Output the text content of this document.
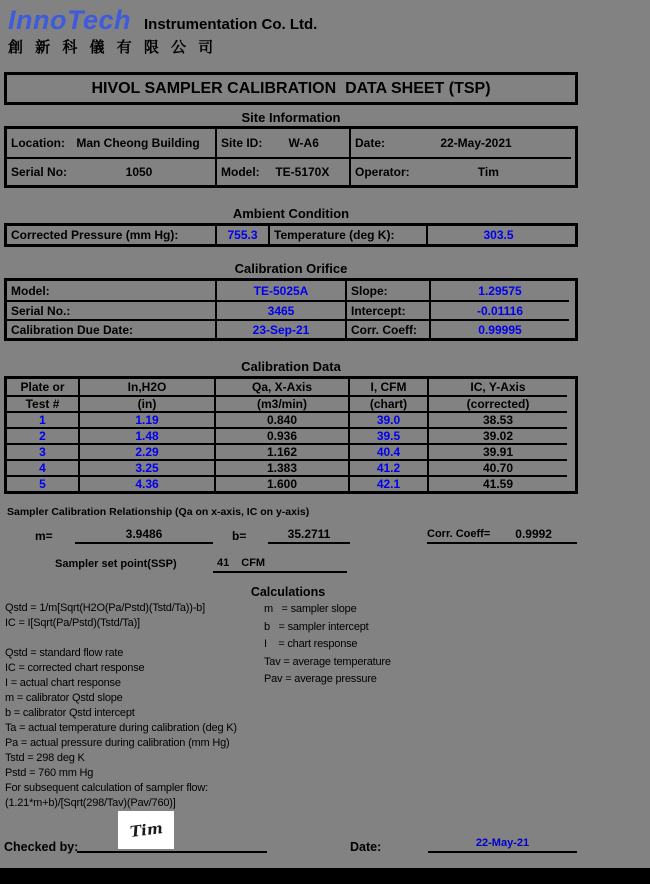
InnoTech Instrumentation Co. Ltd.
創 新 科 儀 有 限 公 司
HIVOL SAMPLER CALIBRATION  DATA SHEET (TSP)
Site Information
Location: Man Cheong Building	Site ID:	W-A6	Date:	22-May-2021
Serial No:	1050	Model:	TE-5170X	Operator:	Tim
Ambient Condition
Corrected Pressure (mm Hg):	755.3	Temperature (deg K):	303.5
Calibration Orifice
Model:	TE-5025A	Slope:	1.29575
Serial No.:	3465	Intercept:	-0.01116
Calibration Due Date:	23-Sep-21	Corr. Coeff:	0.99995
Calibration Data
Plate or	In,H2O	Qa, X-Axis	I, CFM	IC, Y-Axis
Test #	(in)	(m3/min)	(chart)	(corrected)
1	1.19	0.840	39.0	38.53
2	1.48	0.936	39.5	39.02
3	2.29	1.162	40.4	39.91
4	3.25	1.383	41.2	40.70
5	4.36	1.600	42.1	41.59
Sampler Calibration Relationship (Qa on x-axis, IC on y-axis)
m=	3.9486	b=	35.2711	Corr. Coeff=	0.9992
Sampler set point(SSP)	41 CFM
Calculations
Qstd = 1/m[Sqrt(H2O(Pa/Pstd)(Tstd/Ta))-b]
IC = I[Sqrt(Pa/Pstd)(Tstd/Ta)]
Qstd = standard flow rate
IC = corrected chart response
I = actual chart response
m = calibrator Qstd slope
b = calibrator Qstd intercept
Ta = actual temperature during calibration (deg K)
Pa = actual pressure during calibration (mm Hg)
Tstd = 298 deg K
Pstd = 760 mm Hg
For subsequent calculation of sampler flow:
(1.21*m+b)/[Sqrt(298/Tav)(Pav/760)]
m   = sampler slope
b   = sampler intercept
I    = chart response
Tav = average temperature
Pav = average pressure
Tim
Checked by:	Date:	22-May-21
